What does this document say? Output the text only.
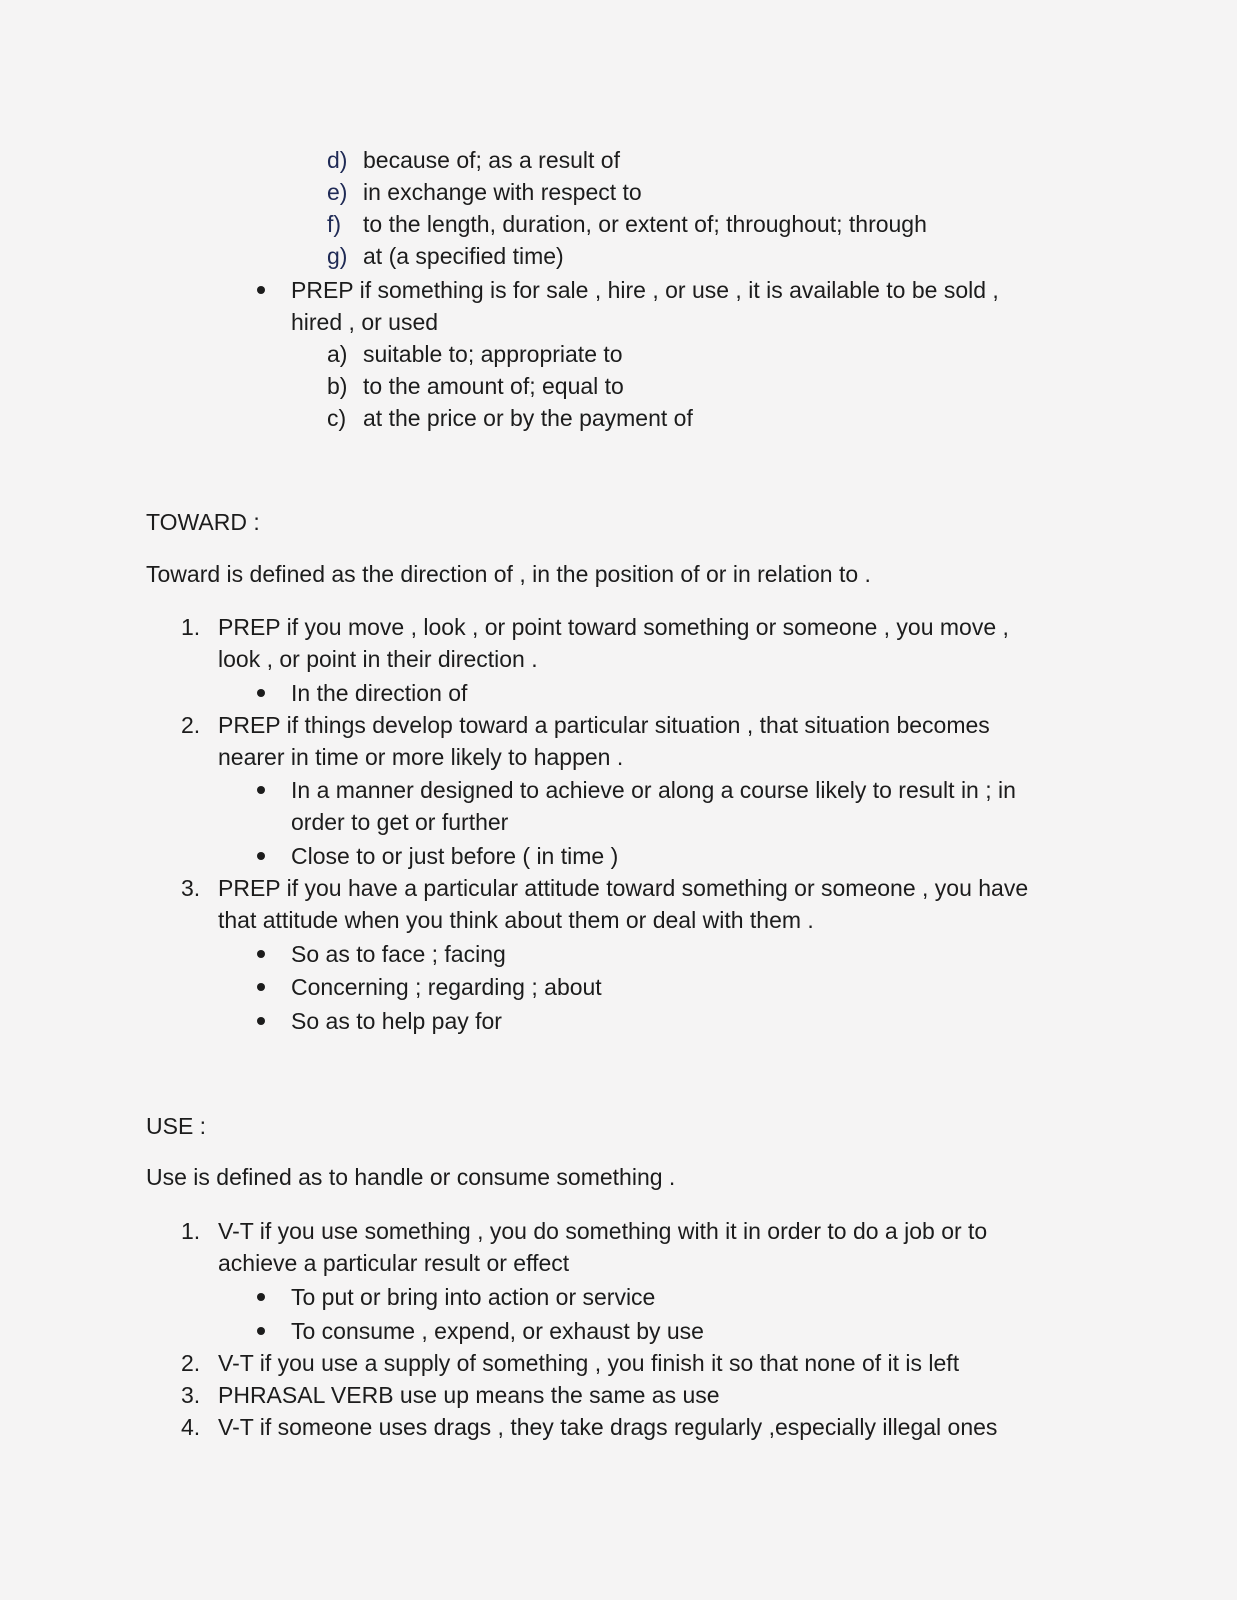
d) because of; as a result of
e) in exchange with respect to
f) to the length, duration, or extent of; throughout; through
g) at (a specified time)
PREP if something is for sale , hire , or use , it is available to be sold ,
hired , or used
a) suitable to; appropriate to
b) to the amount of; equal to
c) at the price or by the payment of
TOWARD :
Toward is defined as the direction of , in the position of or in relation to .
1. PREP if you move , look , or point toward something or someone , you move ,
look , or point in their direction .
In the direction of
2. PREP if things develop toward a particular situation , that situation becomes
nearer in time or more likely to happen .
In a manner designed to achieve or along a course likely to result in ; in
order to get or further
Close to or just before ( in time )
3. PREP if you have a particular attitude toward something or someone , you have
that attitude when you think about them or deal with them .
So as to face ; facing
Concerning ; regarding ; about
So as to help pay for
USE :
Use is defined as to handle or consume something .
1. V-T if you use something , you do something with it in order to do a job or to
achieve a particular result or effect
To put or bring into action or service
To consume , expend, or exhaust by use
2. V-T if you use a supply of something , you finish it so that none of it is left
3. PHRASAL VERB use up means the same as use
4. V-T if someone uses drags , they take drags regularly ,especially illegal ones
